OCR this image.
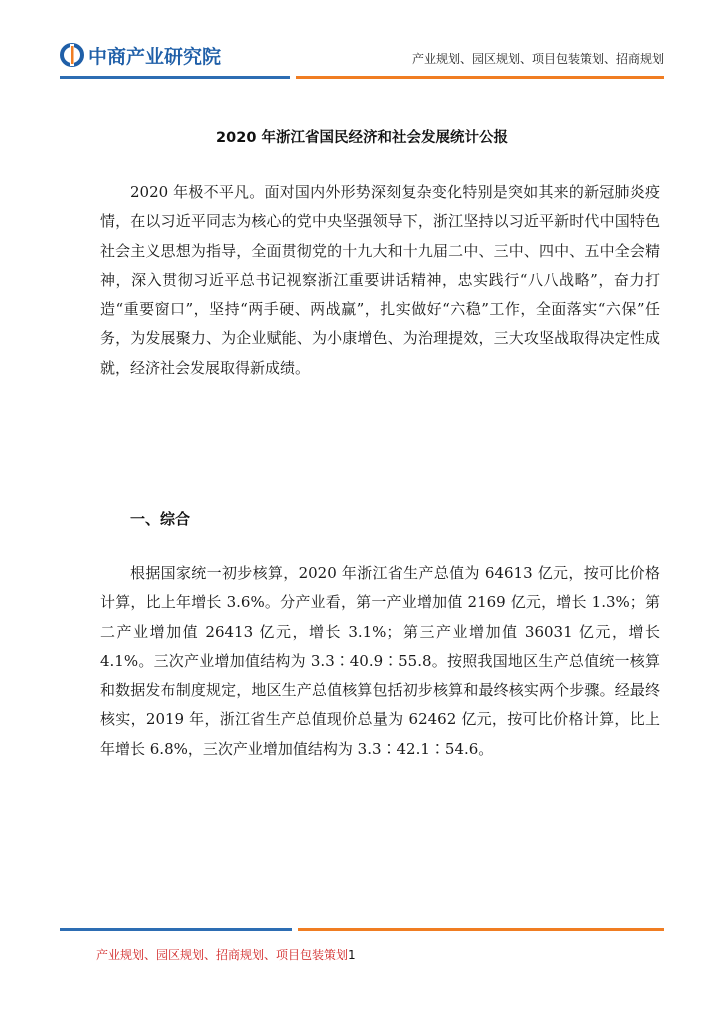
中商产业研究院	产业规划、园区规划、项目包装策划、招商规划
2020 年浙江省国民经济和社会发展统计公报
2020 年极不平凡。面对国内外形势深刻复杂变化特别是突如其来的新冠肺炎疫情，在以习近平同志为核心的党中央坚强领导下，浙江坚持以习近平新时代中国特色社会主义思想为指导，全面贯彻党的十九大和十九届二中、三中、四中、五中全会精神，深入贯彻习近平总书记视察浙江重要讲话精神，忠实践行“八八战略”，奋力打造“重要窗口”，坚持“两手硬、两战赢”，扎实做好“六稳”工作，全面落实“六保”任务，为发展聚力、为企业赋能、为小康增色、为治理提效，三大攻坚战取得决定性成就，经济社会发展取得新成绩。
一、综合
根据国家统一初步核算，2020 年浙江省生产总值为 64613 亿元，按可比价格计算，比上年增长 3.6%。分产业看，第一产业增加值 2169 亿元，增长 1.3%；第二产业增加值 26413 亿元，增长 3.1%；第三产业增加值 36031 亿元，增长 4.1%。三次产业增加值结构为 3.3∶40.9∶55.8。按照我国地区生产总值统一核算和数据发布制度规定，地区生产总值核算包括初步核算和最终核实两个步骤。经最终核实，2019 年，浙江省生产总值现价总量为 62462 亿元，按可比价格计算，比上年增长 6.8%，三次产业增加值结构为 3.3∶42.1∶54.6。
产业规划、园区规划、招商规划、项目包装策划1
